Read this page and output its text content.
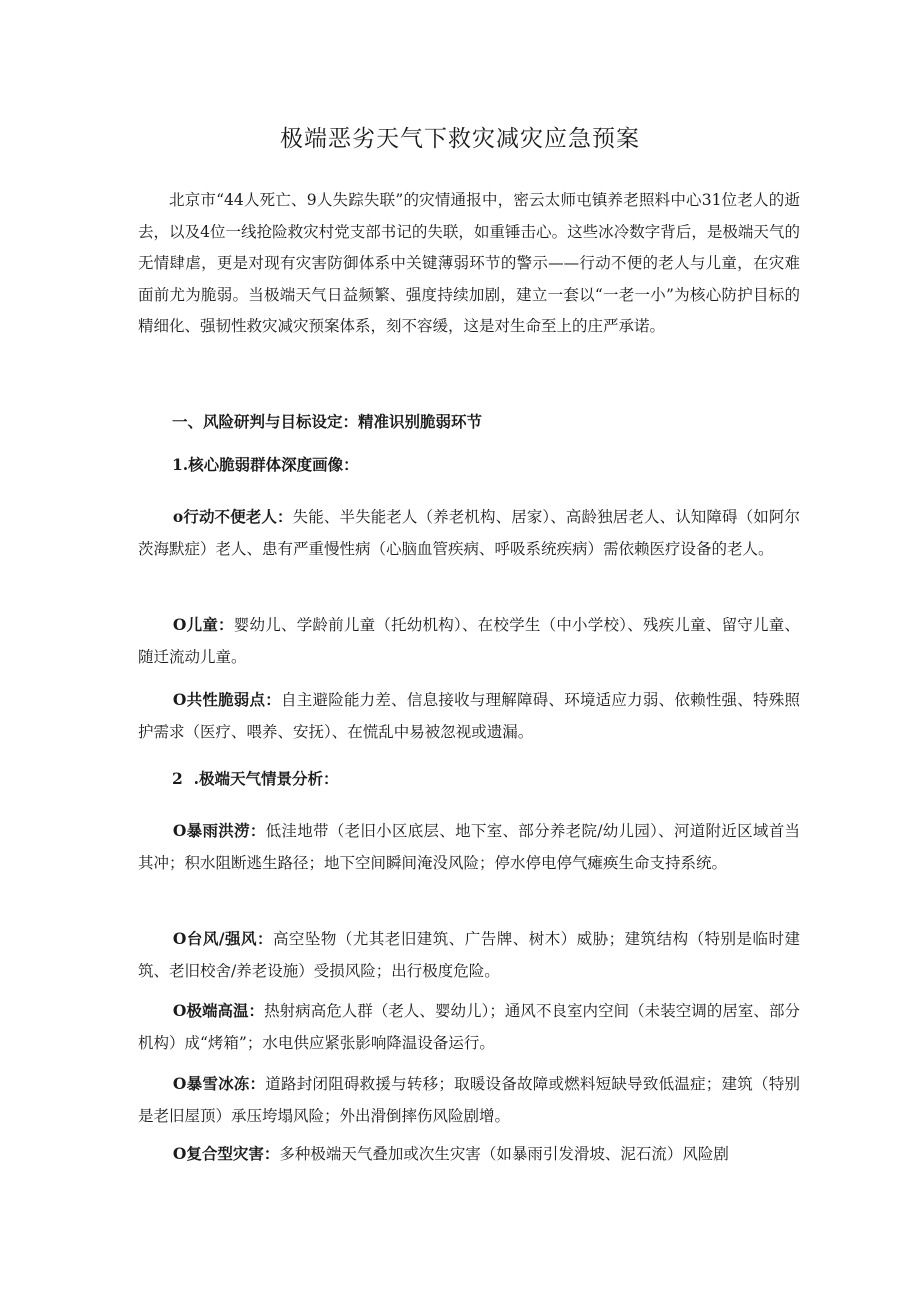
极端恶劣天气下救灾减灾应急预案
北京市“44人死亡、9人失踪失联”的灾情通报中，密云太师屯镇养老照料中心31位老人的逝去，以及4位一线抢险救灾村党支部书记的失联，如重锤击心。这些冰冷数字背后，是极端天气的无情肆虐，更是对现有灾害防御体系中关键薄弱环节的警示——行动不便的老人与儿童，在灾难面前尤为脆弱。当极端天气日益频繁、强度持续加剧，建立一套以“一老一小”为核心防护目标的精细化、强韧性救灾减灾预案体系，刻不容缓，这是对生命至上的庄严承诺。
一、风险研判与目标设定：精准识别脆弱环节
1.核心脆弱群体深度画像：
o行动不便老人：失能、半失能老人（养老机构、居家）、高龄独居老人、认知障碍（如阿尔茨海默症）老人、患有严重慢性病（心脑血管疾病、呼吸系统疾病）需依赖医疗设备的老人。
O儿童：婴幼儿、学龄前儿童（托幼机构）、在校学生（中小学校）、残疾儿童、留守儿童、随迁流动儿童。
O共性脆弱点：自主避险能力差、信息接收与理解障碍、环境适应力弱、依赖性强、特殊照护需求（医疗、喂养、安抚）、在慌乱中易被忽视或遗漏。
2  .极端天气情景分析：
O暴雨洪涝：低洼地带（老旧小区底层、地下室、部分养老院/幼儿园）、河道附近区域首当其冲；积水阻断逃生路径；地下空间瞬间淹没风险；停水停电停气瘫痪生命支持系统。
O台风/强风：高空坠物（尤其老旧建筑、广告牌、树木）威胁；建筑结构（特别是临时建筑、老旧校舍/养老设施）受损风险；出行极度危险。
O极端高温：热射病高危人群（老人、婴幼儿）；通风不良室内空间（未装空调的居室、部分机构）成“烤箱”；水电供应紧张影响降温设备运行。
O暴雪冰冻：道路封闭阻碍救援与转移；取暖设备故障或燃料短缺导致低温症；建筑（特别是老旧屋顶）承压垮塌风险；外出滑倒摔伤风险剧增。
O复合型灾害：多种极端天气叠加或次生灾害（如暴雨引发滑坡、泥石流）风险剧
